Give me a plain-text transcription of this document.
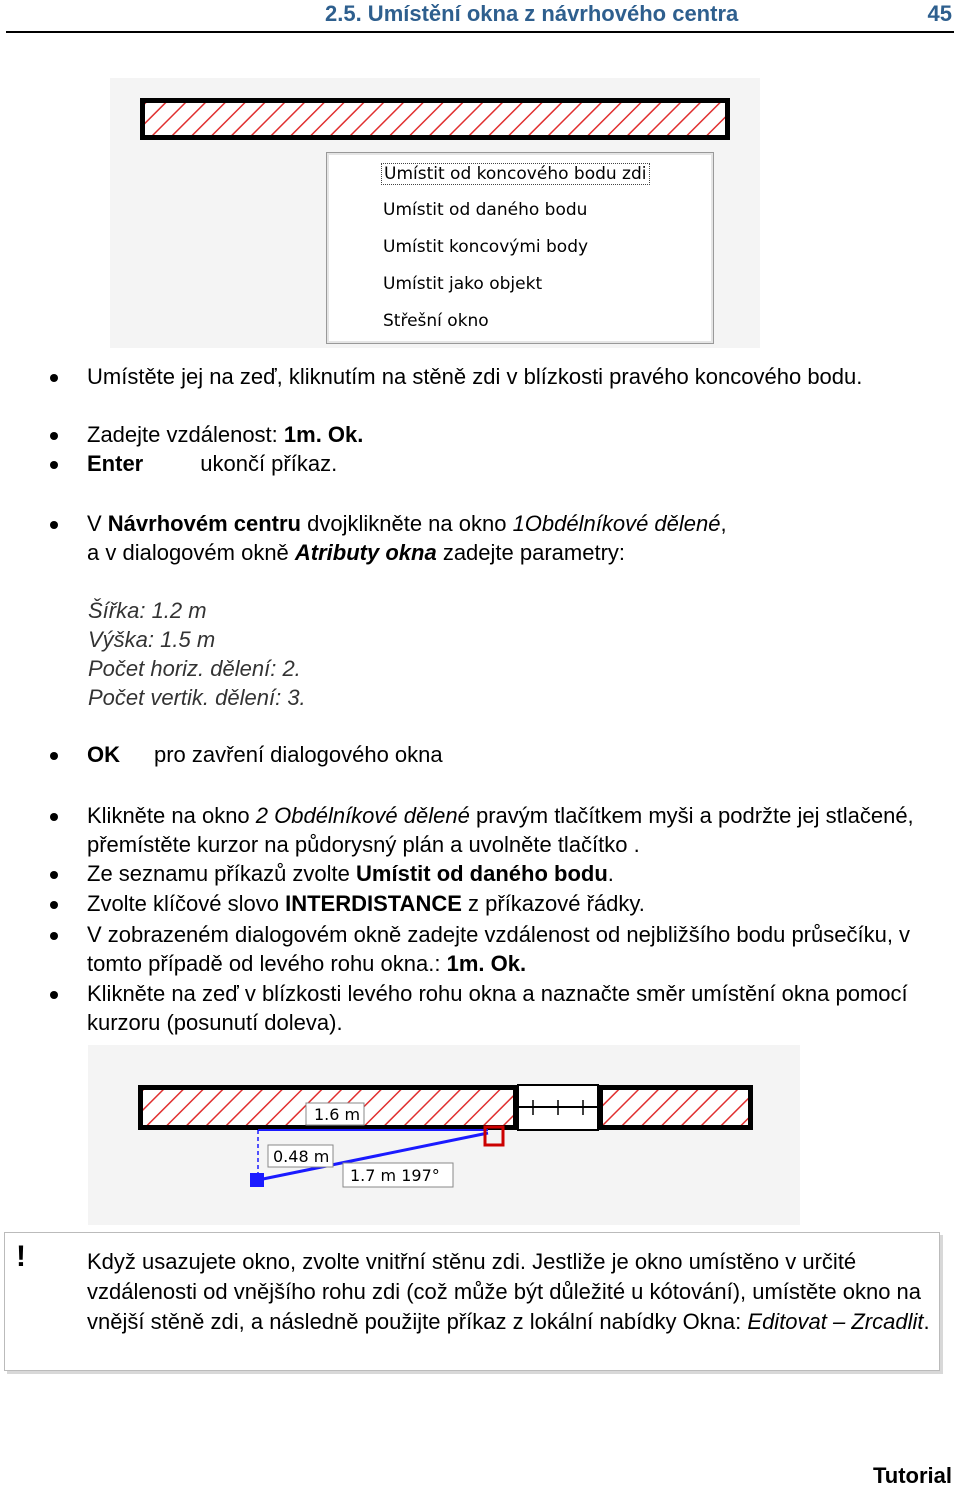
2.5. Umístění okna z návrhového centra	45
Umístit od koncového bodu zdi
Umístit od daného bodu
Umístit koncovými body
Umístit jako objekt
Střešní okno
Umístěte jej na zeď, kliknutím na stěně zdi v blízkosti pravého koncového bodu.
Zadejte vzdálenost: 1m. Ok.
Enter	ukončí příkaz.
V Návrhovém centru dvojklikněte na okno 1Obdélníkové dělené,
a v dialogovém okně Atributy okna zadejte parametry:
Šířka: 1.2 m
Výška: 1.5 m
Počet horiz. dělení: 2.
Počet vertik. dělení: 3.
OK pro zavření dialogového okna
Klikněte na okno 2 Obdélníkové dělené pravým tlačítkem myši a podržte jej stlačené, přemístěte kurzor na půdorysný plán a uvolněte tlačítko .
Ze seznamu příkazů zvolte Umístit od daného bodu.
Zvolte klíčové slovo INTERDISTANCE z příkazové řádky.
V zobrazeném dialogovém okně zadejte vzdálenost od nejbližšího bodu průsečíku, v tomto případě od levého rohu okna.: 1m. Ok.
Klikněte na zeď v blízkosti levého rohu okna a naznačte směr umístění okna pomocí kurzoru (posunutí doleva).
1.6 m
0.48 m
1.7 m 197°
!	Když usazujete okno, zvolte vnitřní stěnu zdi. Jestliže je okno umístěno v určité vzdálenosti od vnějšího rohu zdi (což může být důležité u kótování), umístěte okno na vnější stěně zdi, a následně použijte příkaz z lokální nabídky Okna: Editovat – Zrcadlit.
Tutorial
